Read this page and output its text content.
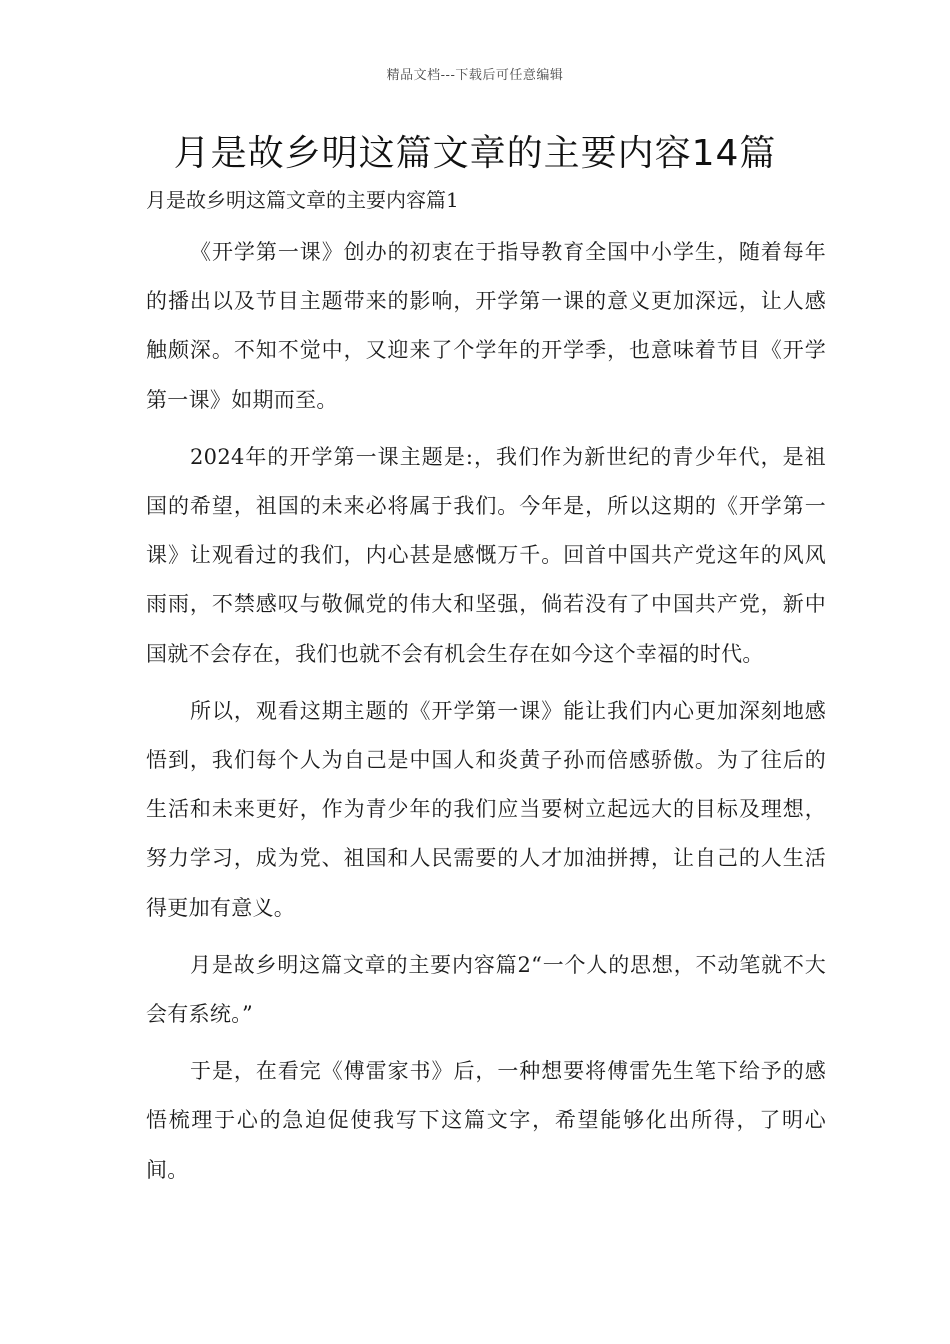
精品文档---下载后可任意编辑
月是故乡明这篇文章的主要内容14篇

月是故乡明这篇文章的主要内容篇1

《开学第一课》创办的初衷在于指导教育全国中小学生，随着每年的播出以及节目主题带来的影响，开学第一课的意义更加深远，让人感触颇深。不知不觉中，又迎来了个学年的开学季，也意味着节目《开学第一课》如期而至。

2024年的开学第一课主题是:，我们作为新世纪的青少年代，是祖国的希望，祖国的未来必将属于我们。今年是，所以这期的《开学第一课》让观看过的我们，内心甚是感慨万千。回首中国共产党这年的风风雨雨，不禁感叹与敬佩党的伟大和坚强，倘若没有了中国共产党，新中国就不会存在，我们也就不会有机会生存在如今这个幸福的时代。

所以，观看这期主题的《开学第一课》能让我们内心更加深刻地感悟到，我们每个人为自己是中国人和炎黄子孙而倍感骄傲。为了往后的生活和未来更好，作为青少年的我们应当要树立起远大的目标及理想，努力学习，成为党、祖国和人民需要的人才加油拼搏，让自己的人生活得更加有意义。

月是故乡明这篇文章的主要内容篇2“一个人的思想，不动笔就不大会有系统。”

于是，在看完《傅雷家书》后，一种想要将傅雷先生笔下给予的感悟梳理于心的急迫促使我写下这篇文字，希望能够化出所得，了明心间。
